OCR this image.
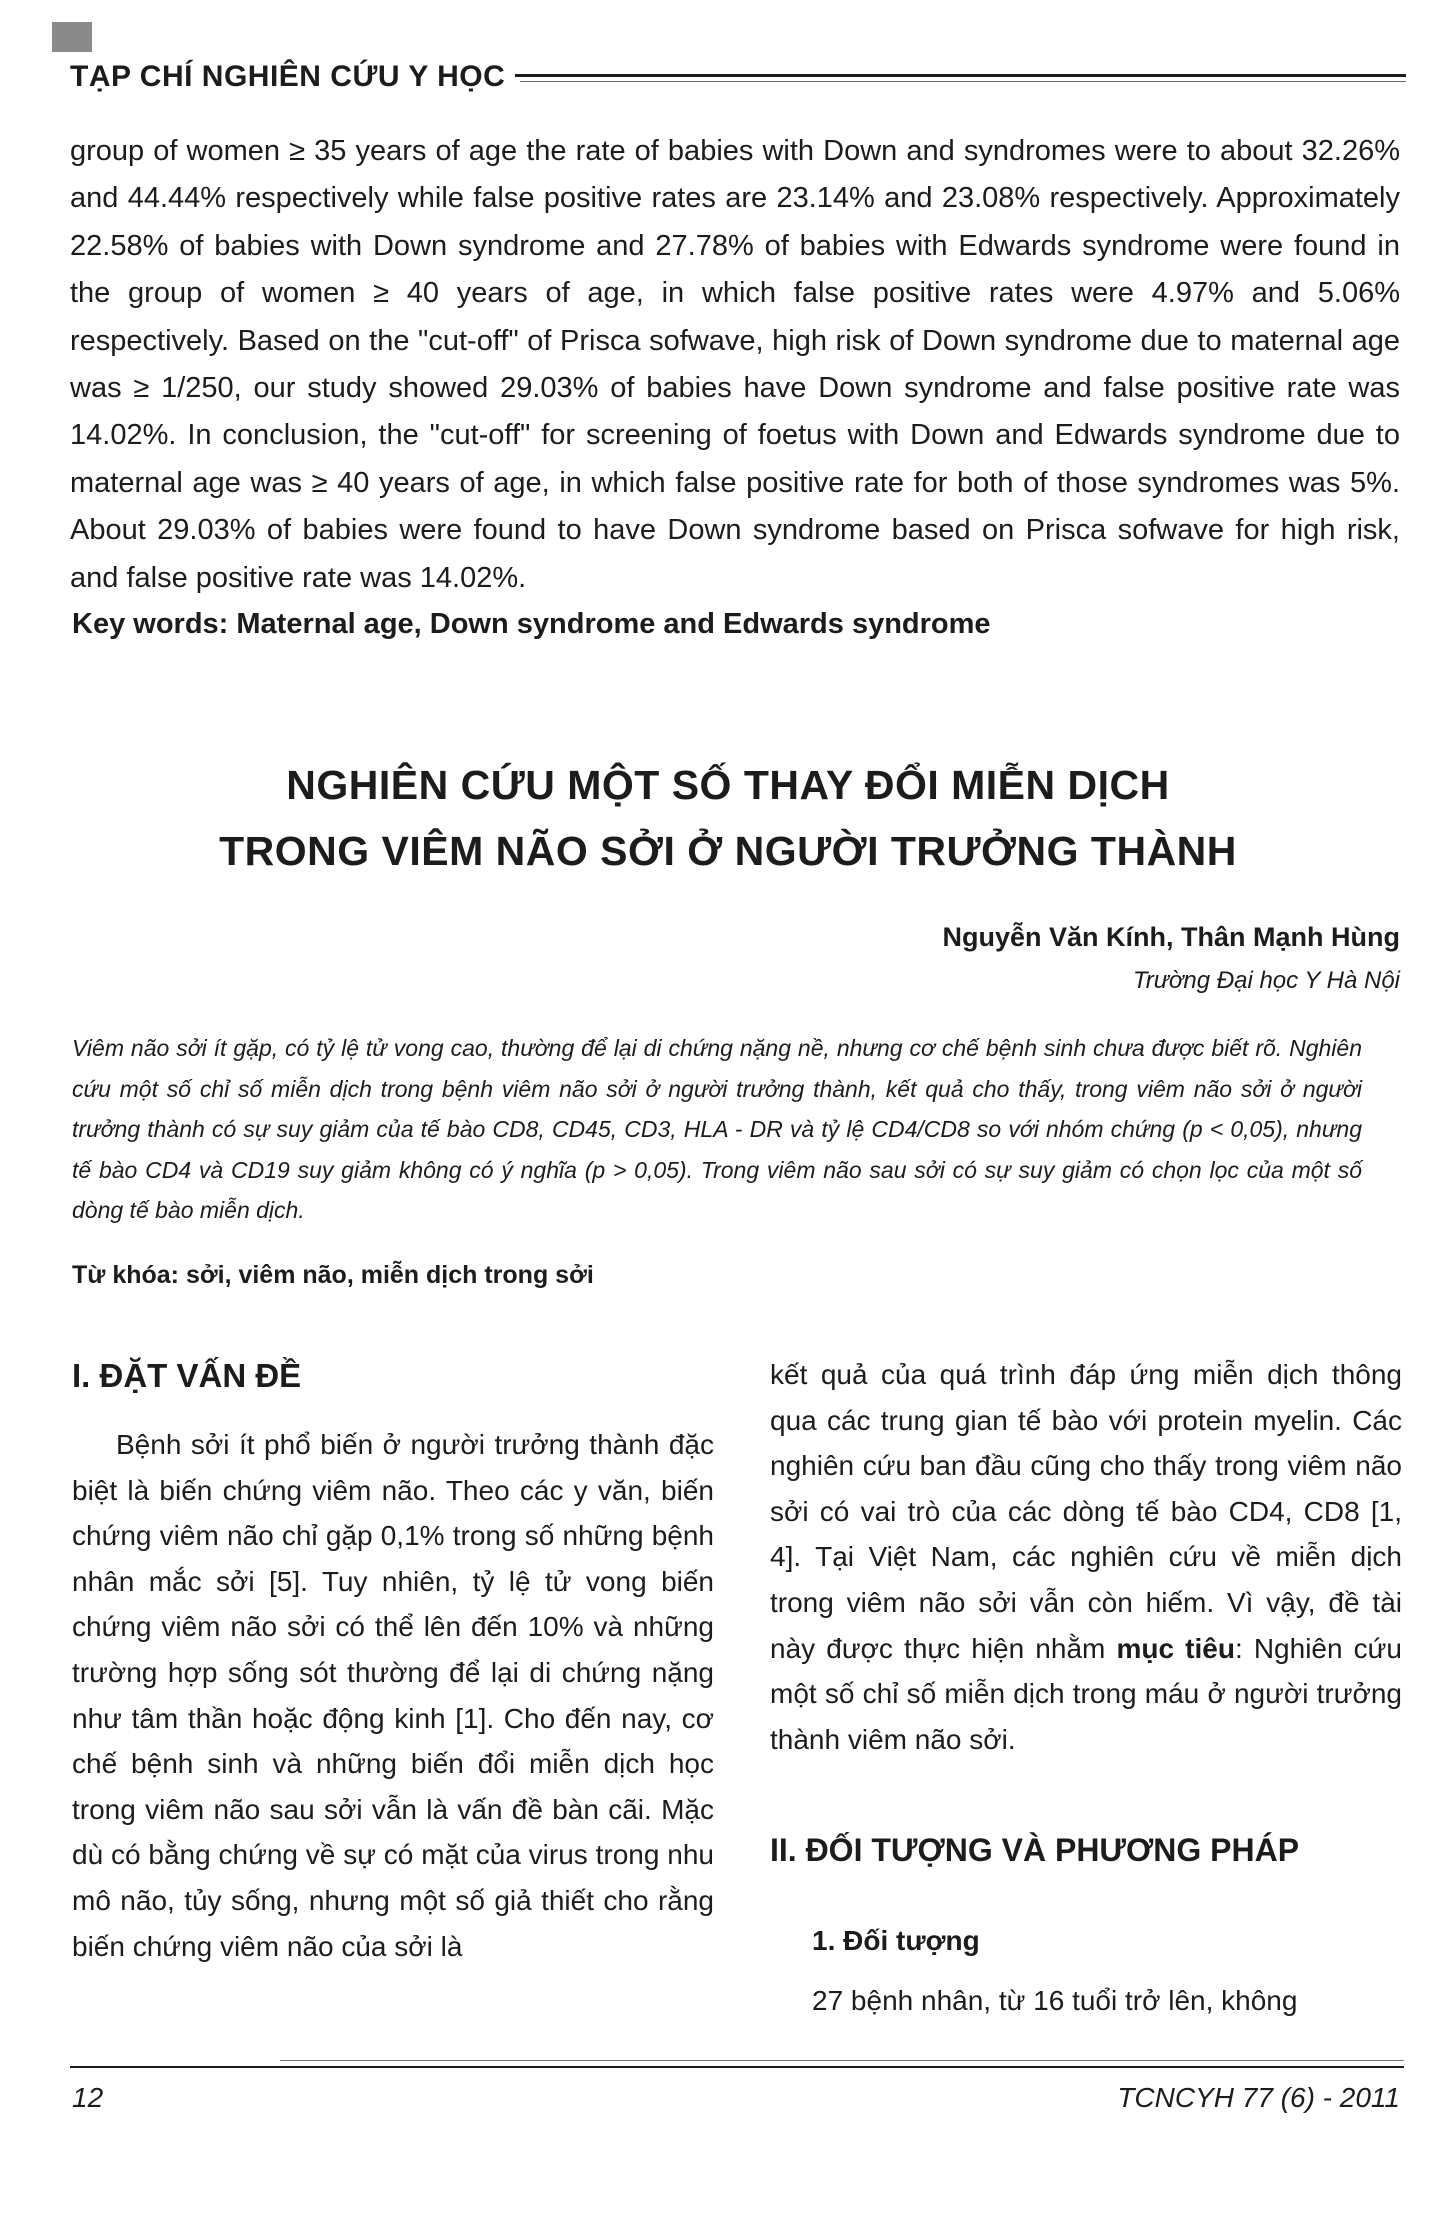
TẠP CHÍ NGHIÊN CỨU Y HỌC

group of women ≥ 35 years of age the rate of babies with Down and syndromes were to about 32.26% and 44.44% respectively while false positive rates are 23.14% and 23.08% respectively. Approximately 22.58% of babies with Down syndrome and 27.78% of babies with Edwards syndrome were found in the group of women ≥ 40 years of age, in which false positive rates were 4.97% and 5.06% respectively. Based on the "cut-off" of Prisca sofwave, high risk of Down syndrome due to maternal age was ≥ 1/250, our study showed 29.03% of babies have Down syndrome and false positive rate was 14.02%. In conclusion, the "cut-off" for screening of foetus with Down and Edwards syndrome due to maternal age was ≥ 40 years of age, in which false positive rate for both of those syndromes was 5%. About 29.03% of babies were found to have Down syndrome based on Prisca sofwave for high risk, and false positive rate was 14.02%.

Key words: Maternal age, Down syndrome and Edwards syndrome
NGHIÊN CỨU MỘT SỐ THAY ĐỔI MIỄN DỊCH
TRONG VIÊM NÃO SỞI Ở NGƯỜI TRƯỞNG THÀNH
Nguyễn Văn Kính, Thân Mạnh Hùng
Trường Đại học Y Hà Nội
Viêm não sởi ít gặp, có tỷ lệ tử vong cao, thường để lại di chứng nặng nề, nhưng cơ chế bệnh sinh chưa được biết rõ. Nghiên cứu một số chỉ số miễn dịch trong bệnh viêm não sởi ở người trưởng thành, kết quả cho thấy, trong viêm não sởi ở người trưởng thành có sự suy giảm của tế bào CD8, CD45, CD3, HLA - DR và tỷ lệ CD4/CD8 so với nhóm chứng (p < 0,05), nhưng tế bào CD4 và CD19 suy giảm không có ý nghĩa (p > 0,05). Trong viêm não sau sởi có sự suy giảm có chọn lọc của một số dòng tế bào miễn dịch.
Từ khóa: sởi, viêm não, miễn dịch trong sởi
I. ĐẶT VẤN ĐỀ

Bệnh sởi ít phổ biến ở người trưởng thành đặc biệt là biến chứng viêm não. Theo các y văn, biến chứng viêm não chỉ gặp 0,1% trong số những bệnh nhân mắc sởi [5]. Tuy nhiên, tỷ lệ tử vong biến chứng viêm não sởi có thể lên đến 10% và những trường hợp sống sót thường để lại di chứng nặng như tâm thần hoặc động kinh [1]. Cho đến nay, cơ chế bệnh sinh và những biến đổi miễn dịch học trong viêm não sau sởi vẫn là vấn đề bàn cãi. Mặc dù có bằng chứng về sự có mặt của virus trong nhu mô não, tủy sống, nhưng một số giả thiết cho rằng biến chứng viêm não của sởi là

kết quả của quá trình đáp ứng miễn dịch thông qua các trung gian tế bào với protein myelin. Các nghiên cứu ban đầu cũng cho thấy trong viêm não sởi có vai trò của các dòng tế bào CD4, CD8 [1, 4]. Tại Việt Nam, các nghiên cứu về miễn dịch trong viêm não sởi vẫn còn hiếm. Vì vậy, đề tài này được thực hiện nhằm mục tiêu: Nghiên cứu một số chỉ số miễn dịch trong máu ở người trưởng thành viêm não sởi.

II. ĐỐI TƯỢNG VÀ PHƯƠNG PHÁP
1. Đối tượng
27 bệnh nhân, từ 16 tuổi trở lên, không
12	TCNCYH 77 (6) - 2011
